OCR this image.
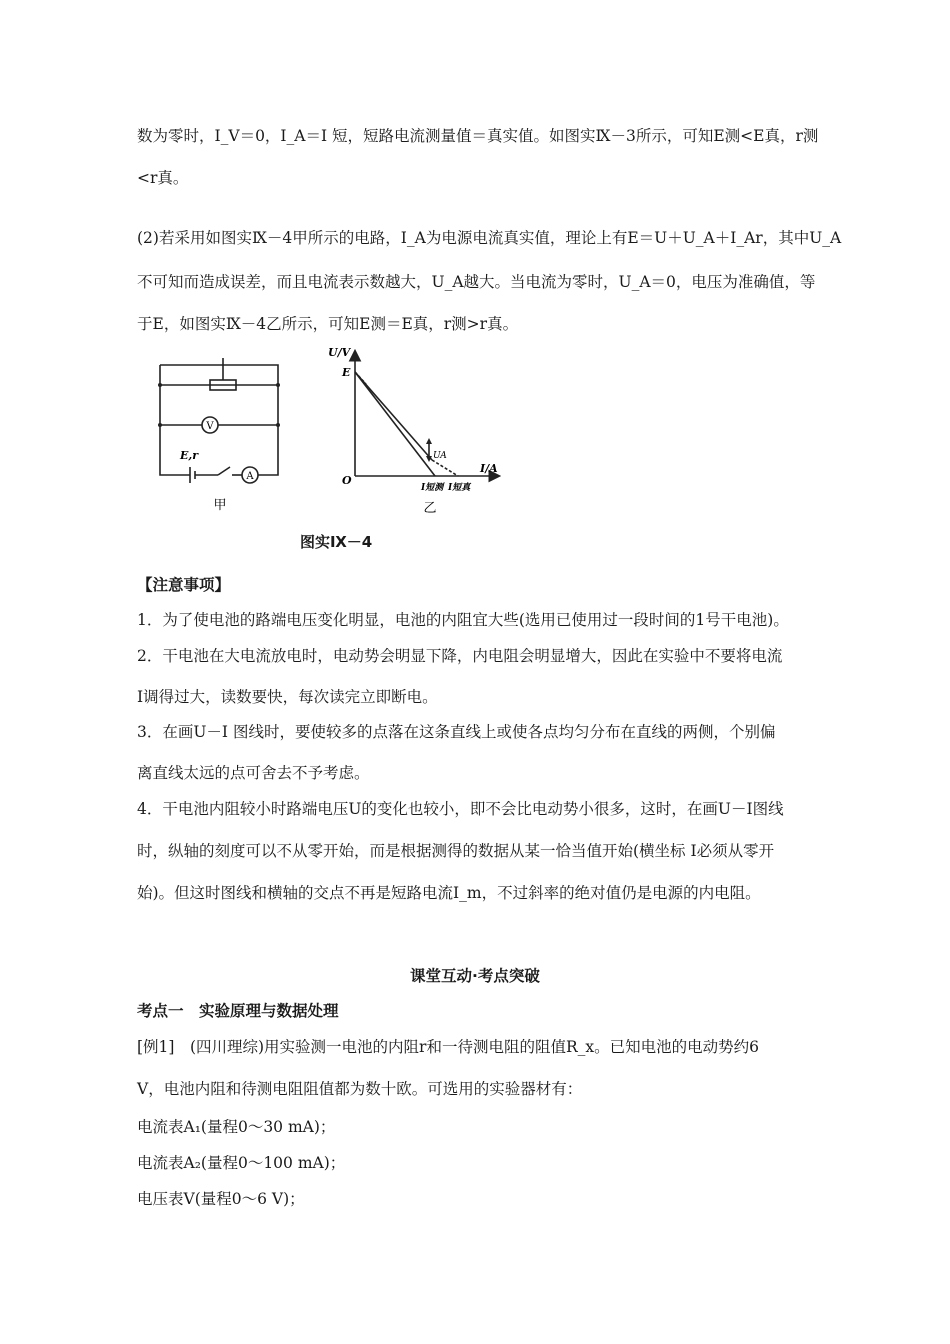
数为零时，I_V＝0，I_A＝I 短，短路电流测量值＝真实值。如图实Ⅸ－3所示，可知E测<E真，r测
<r真。
(2)若采用如图实Ⅸ－4甲所示的电路，I_A为电源电流真实值，理论上有E＝U＋U_A＋I_Ar，其中U_A
不可知而造成误差，而且电流表示数越大，U_A越大。当电流为零时，U_A＝0，电压为准确值，等
于E，如图实Ⅸ－4乙所示，可知E测＝E真，r测>r真。
V
A
E,r
甲
U/V
I/A
O
E
UA
I短测 I短真
乙
图实Ⅸ－4
【注意事项】
1．为了使电池的路端电压变化明显，电池的内阻宜大些(选用已使用过一段时间的1号干电池)。
2．干电池在大电流放电时，电动势会明显下降，内电阻会明显增大，因此在实验中不要将电流
I调得过大，读数要快，每次读完立即断电。
3．在画U－I 图线时，要使较多的点落在这条直线上或使各点均匀分布在直线的两侧，个别偏
离直线太远的点可舍去不予考虑。
4．干电池内阻较小时路端电压U的变化也较小，即不会比电动势小很多，这时，在画U－I图线
时，纵轴的刻度可以不从零开始，而是根据测得的数据从某一恰当值开始(横坐标 I必须从零开
始)。但这时图线和横轴的交点不再是短路电流I_m，不过斜率的绝对值仍是电源的内电阻。
课堂互动·考点突破
考点一　实验原理与数据处理
[例1]　(四川理综)用实验测一电池的内阻r和一待测电阻的阻值R_x。已知电池的电动势约6
V，电池内阻和待测电阻阻值都为数十欧。可选用的实验器材有：
电流表A₁(量程0～30 mA)；
电流表A₂(量程0～100 mA)；
电压表V(量程0～6 V)；
